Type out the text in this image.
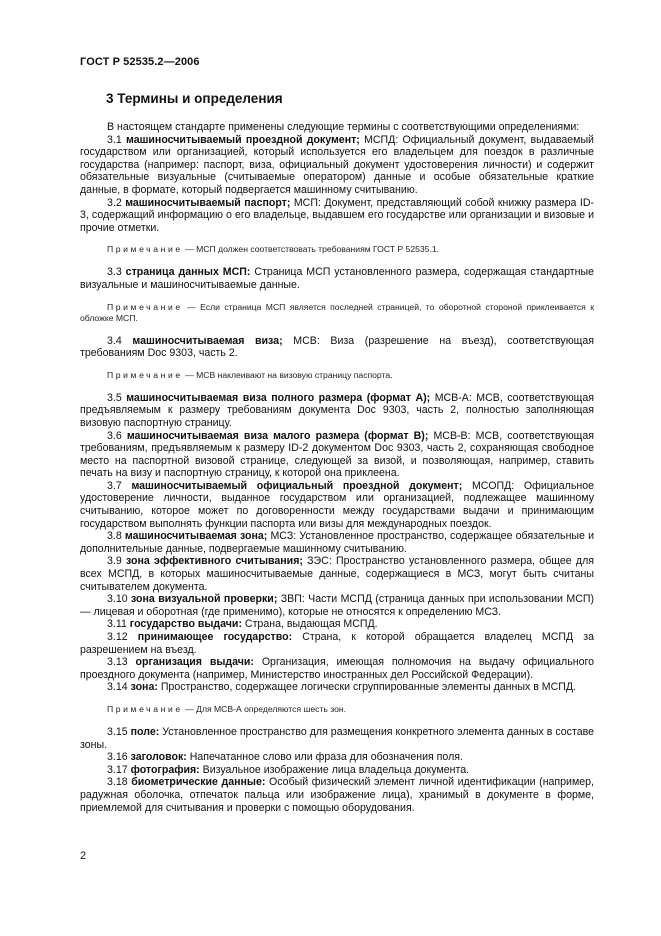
ГОСТ Р 52535.2—2006
3 Термины и определения

В настоящем стандарте применены следующие термины с соответствующими определениями:

3.1 машиносчитываемый проездной документ; МСПД: Официальный документ, выдаваемый государством или организацией, который используется его владельцем для поездок в различные государства (например: паспорт, виза, официальный документ удостоверения личности) и содержит обязательные визуальные (считываемые оператором) данные и особые обязательные краткие данные, в формате, который подвергается машинному считыванию.

3.2 машиносчитываемый паспорт; МСП: Документ, представляющий собой книжку размера ID-3, содержащий информацию о его владельце, выдавшем его государстве или организации и визовые и прочие отметки.

Примечание — МСП должен соответствовать требованиям ГОСТ Р 52535.1.

3.3 страница данных МСП: Страница МСП установленного размера, содержащая стандартные визуальные и машиносчитываемые данные.

Примечание — Если страница МСП является последней страницей, то оборотной стороной приклеивается к обложке МСП.

3.4 машиносчитываемая виза; МСВ: Виза (разрешение на въезд), соответствующая требованиям Doc 9303, часть 2.

Примечание — МСВ наклеивают на визовую страницу паспорта.

3.5 машиносчитываемая виза полного размера (формат А); МСВ-А: МСВ, соответствующая предъявляемым к размеру требованиям документа Doc 9303, часть 2, полностью заполняющая визовую паспортную страницу.

3.6 машиносчитываемая виза малого размера (формат В); МСВ-В: МСВ, соответствующая требованиям, предъявляемым к размеру ID-2 документом Doc 9303, часть 2, сохраняющая свободное место на паспортной визовой странице, следующей за визой, и позволяющая, например, ставить печать на визу и паспортную страницу, к которой она приклеена.

3.7 машиносчитываемый официальный проездной документ; МСОПД: Официальное удостоверение личности, выданное государством или организацией, подлежащее машинному считыванию, которое может по договоренности между государствами выдачи и принимающим государством выполнять функции паспорта или визы для международных поездок.

3.8 машиносчитываемая зона; МСЗ: Установленное пространство, содержащее обязательные и дополнительные данные, подвергаемые машинному считыванию.

3.9 зона эффективного считывания; ЗЭС: Пространство установленного размера, общее для всех МСПД, в которых машиносчитываемые данные, содержащиеся в МСЗ, могут быть считаны считывателем документа.

3.10 зона визуальной проверки; ЗВП: Части МСПД (страница данных при использовании МСП) — лицевая и оборотная (где применимо), которые не относятся к определению МСЗ.

3.11 государство выдачи: Страна, выдающая МСПД.

3.12 принимающее государство: Страна, к которой обращается владелец МСПД за разрешением на въезд.

3.13 организация выдачи: Организация, имеющая полномочия на выдачу официального проездного документа (например, Министерство иностранных дел Российской Федерации).

3.14 зона: Пространство, содержащее логически сгруппированные элементы данных в МСПД.

Примечание — Для МСВ-А определяются шесть зон.

3.15 поле: Установленное пространство для размещения конкретного элемента данных в составе зоны.

3.16 заголовок: Напечатанное слово или фраза для обозначения поля.

3.17 фотография: Визуальное изображение лица владельца документа.

3.18 биометрические данные: Особый физический элемент личной идентификации (например, радужная оболочка, отпечаток пальца или изображение лица), хранимый в документе в форме, приемлемой для считывания и проверки с помощью оборудования.

2
